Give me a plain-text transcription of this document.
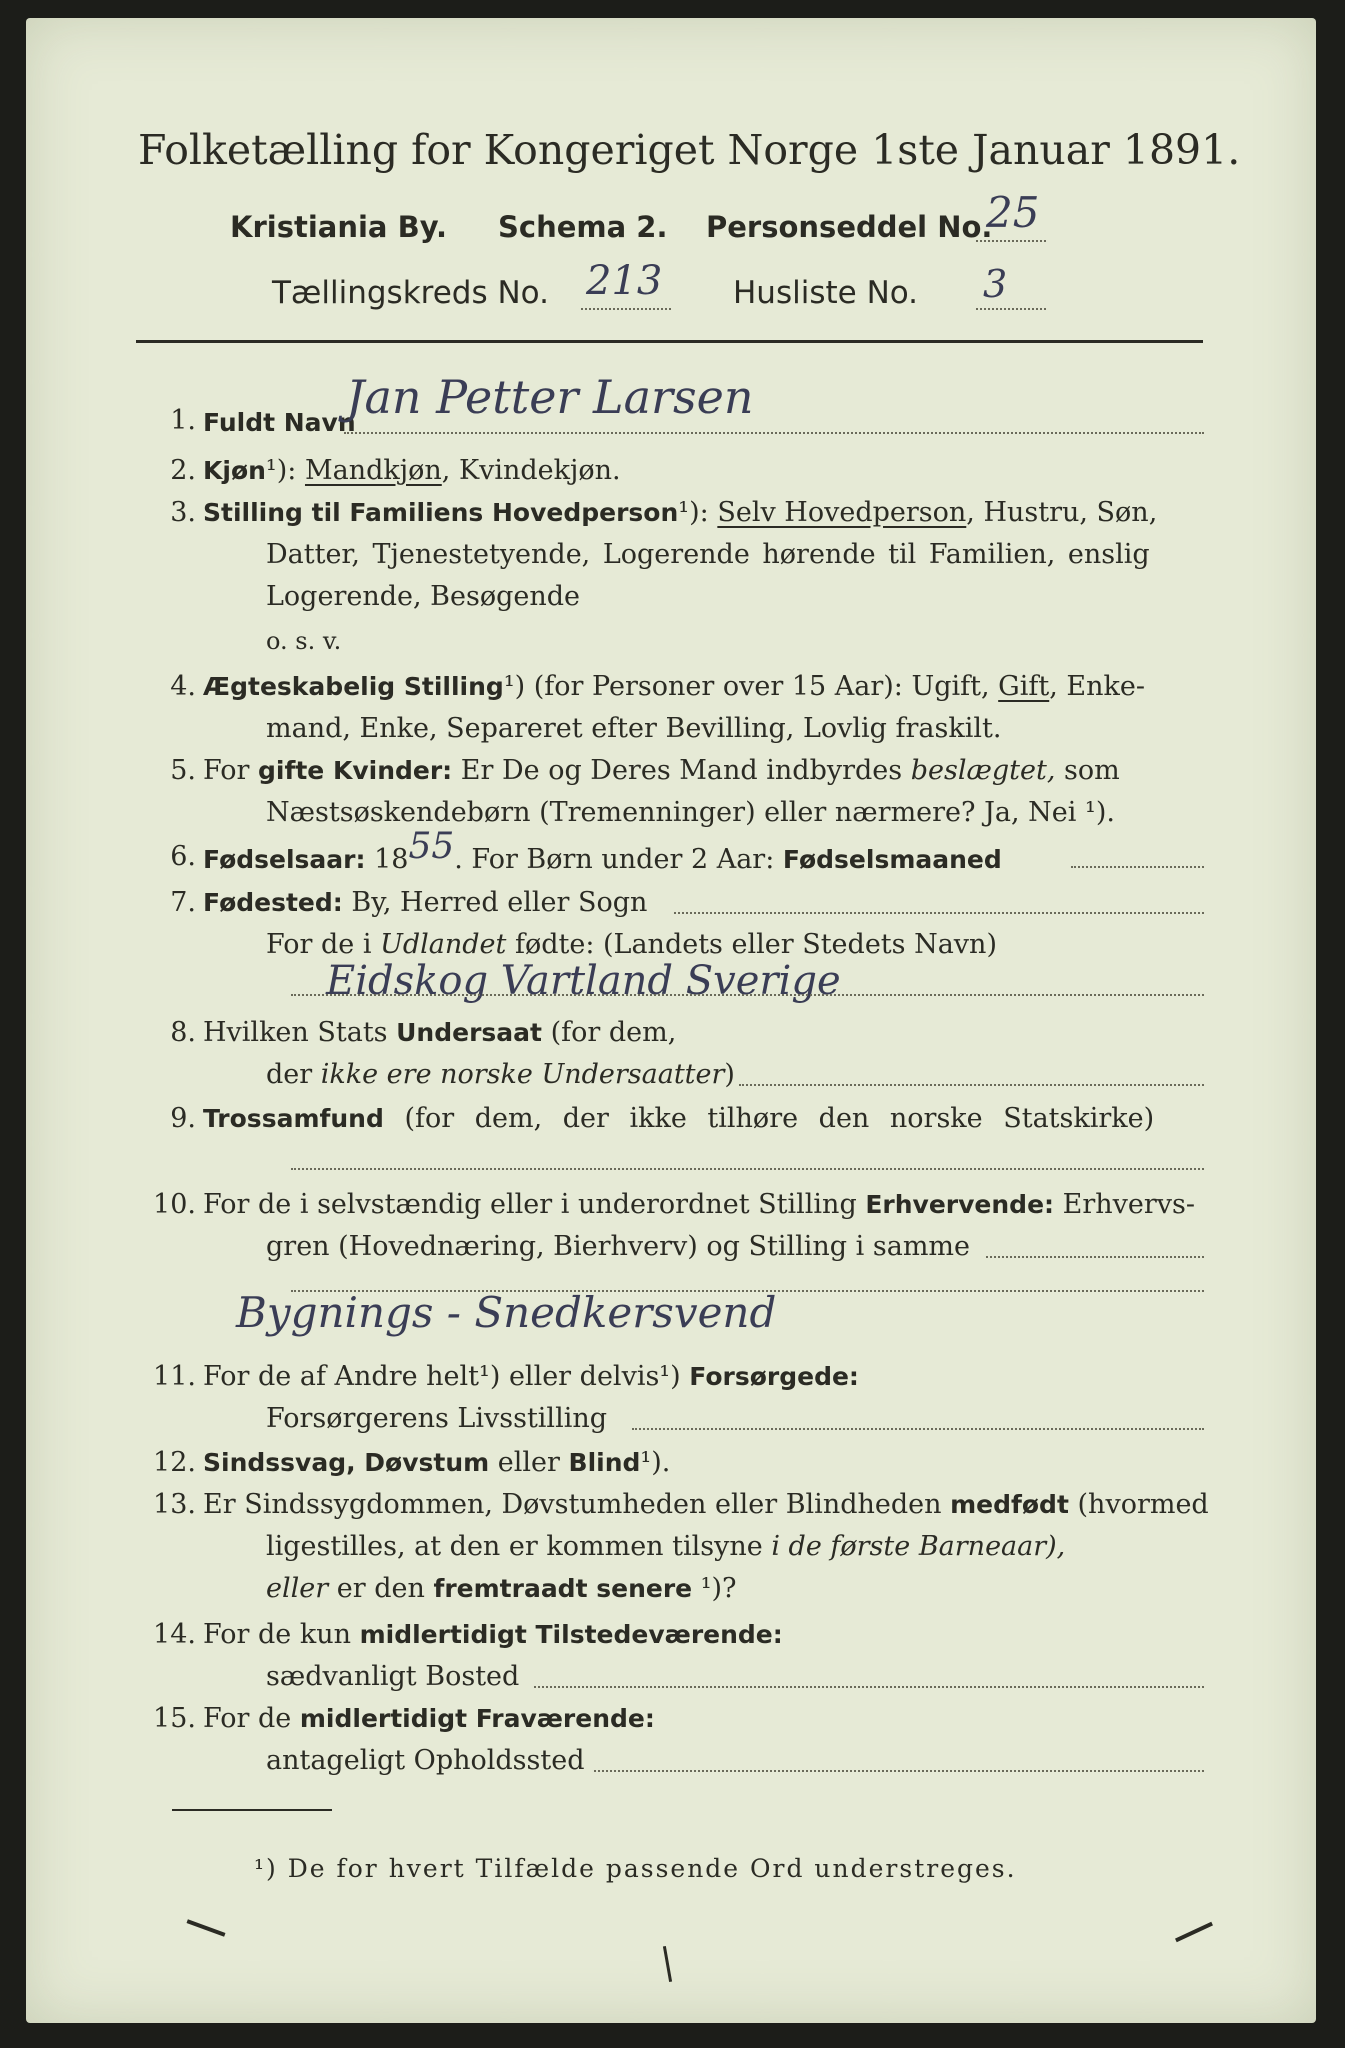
Folketælling for Kongeriget Norge 1ste Januar 1891.
Kristiania By. Schema 2. Personseddel No.
25
Tællingskreds No. 213 Husliste No. 3
1. Fuldt Navn
Jan Petter Larsen
2. Kjøn¹): Mandkjøn, Kvindekjøn.
3. Stilling til Familiens Hovedperson¹): Selv Hovedperson, Hustru, Søn,
Datter, Tjenestetyende, Logerende hørende til Familien, enslig
Logerende, Besøgende
o. s. v.
4. Ægteskabelig Stilling¹) (for Personer over 15 Aar): Ugift, Gift, Enke-
mand, Enke, Separeret efter Bevilling, Lovlig fraskilt.
5. For gifte Kvinder: Er De og Deres Mand indbyrdes beslægtet, som
Næstsøskendebørn (Tremenninger) eller nærmere? Ja, Nei ¹).
6. Fødselsaar: 1855. For Børn under 2 Aar: Fødselsmaaned
7. Fødested: By, Herred eller Sogn
For de i Udlandet fødte: (Landets eller Stedets Navn)
Eidskog Vartland Sverige
8. Hvilken Stats Undersaat (for dem,
der ikke ere norske Undersaatter)
9. Trossamfund (for dem, der ikke tilhøre den norske Statskirke)
10. For de i selvstændig eller i underordnet Stilling Erhvervende: Erhvervs-
gren (Hovednæring, Bierhverv) og Stilling i samme
Bygnings - Snedkersvend
11. For de af Andre helt¹) eller delvis¹) Forsørgede:
Forsørgerens Livsstilling
12. Sindssvag, Døvstum eller Blind¹).
13. Er Sindssygdommen, Døvstumheden eller Blindheden medfødt (hvormed
ligestilles, at den er kommen tilsyne i de første Barneaar),
eller er den fremtraadt senere ¹)?
14. For de kun midlertidigt Tilstedeværende:
sædvanligt Bosted
15. For de midlertidigt Fraværende:
antageligt Opholdssted
¹) De for hvert Tilfælde passende Ord understreges.
